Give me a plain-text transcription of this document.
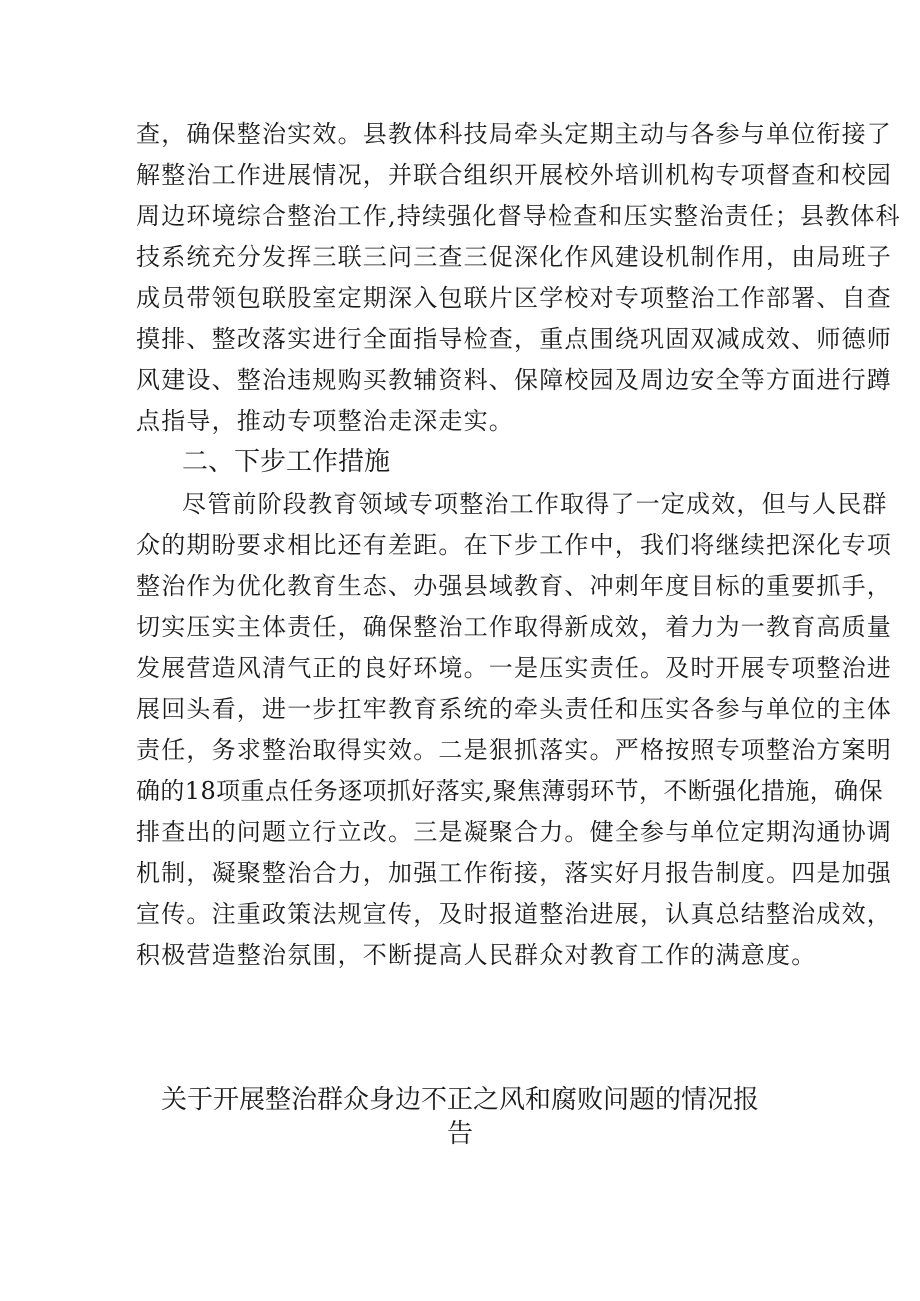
查，确保整治实效。县教体科技局牵头定期主动与各参与单位衔接了
解整治工作进展情况，并联合组织开展校外培训机构专项督查和校园
周边环境综合整治工作,持续强化督导检查和压实整治责任；县教体科
技系统充分发挥三联三问三查三促深化作风建设机制作用，由局班子
成员带领包联股室定期深入包联片区学校对专项整治工作部署、自查
摸排、整改落实进行全面指导检查，重点围绕巩固双减成效、师德师
风建设、整治违规购买教辅资料、保障校园及周边安全等方面进行蹲
点指导，推动专项整治走深走实。
二、下步工作措施
尽管前阶段教育领域专项整治工作取得了一定成效，但与人民群
众的期盼要求相比还有差距。在下步工作中，我们将继续把深化专项
整治作为优化教育生态、办强县域教育、冲刺年度目标的重要抓手，
切实压实主体责任，确保整治工作取得新成效，着力为一教育高质量
发展营造风清气正的良好环境。一是压实责任。及时开展专项整治进
展回头看，进一步扛牢教育系统的牵头责任和压实各参与单位的主体
责任，务求整治取得实效。二是狠抓落实。严格按照专项整治方案明
确的18项重点任务逐项抓好落实,聚焦薄弱环节，不断强化措施，确保
排查出的问题立行立改。三是凝聚合力。健全参与单位定期沟通协调
机制，凝聚整治合力，加强工作衔接，落实好月报告制度。四是加强
宣传。注重政策法规宣传，及时报道整治进展，认真总结整治成效，
积极营造整治氛围，不断提高人民群众对教育工作的满意度。
关于开展整治群众身边不正之风和腐败问题的情况报
告
